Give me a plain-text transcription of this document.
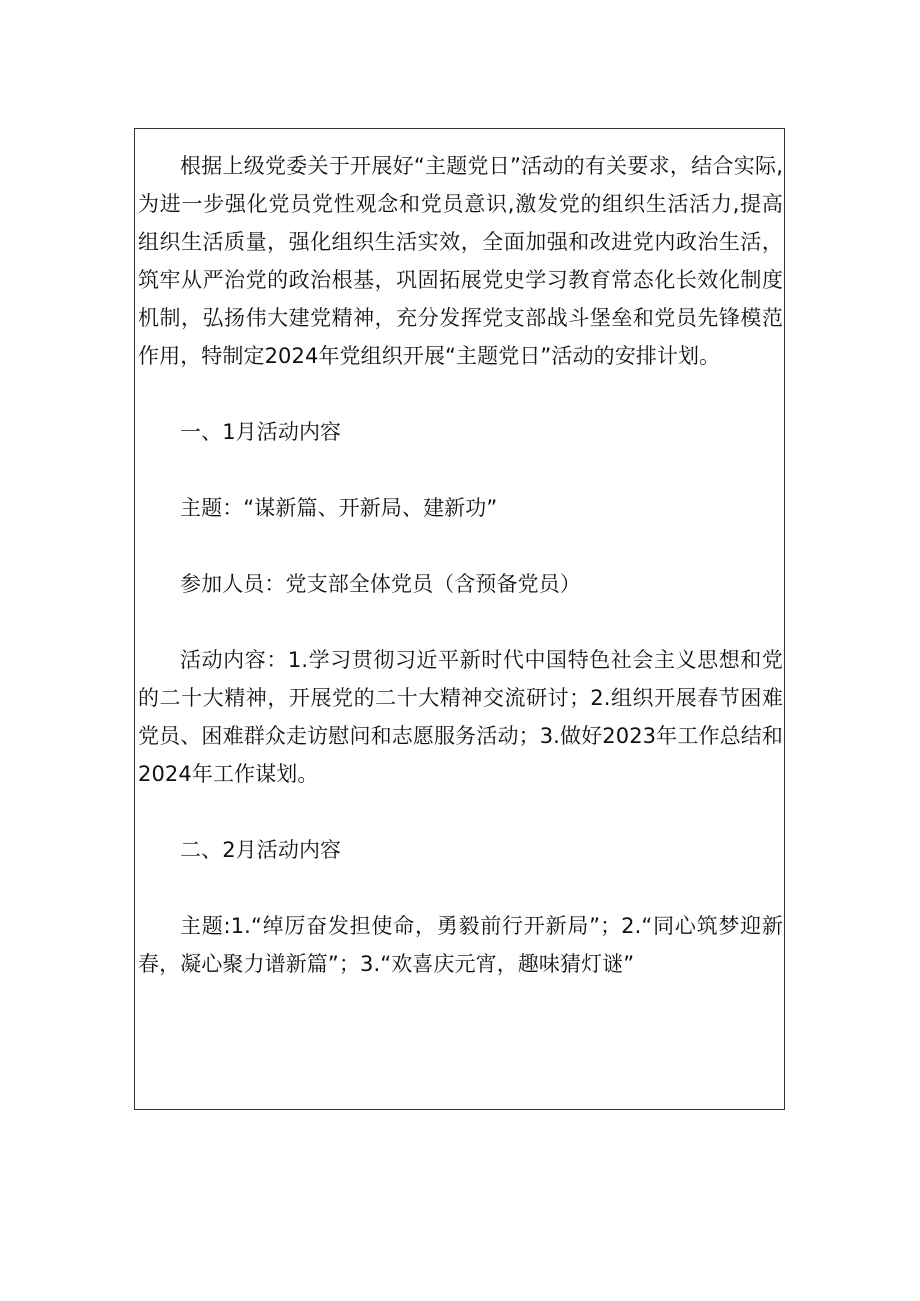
根据上级党委关于开展好“主题党日”活动的有关要求，结合实际,为进一步强化党员党性观念和党员意识,激发党的组织生活活力,提高组织生活质量，强化组织生活实效，全面加强和改进党内政治生活，筑牢从严治党的政治根基，巩固拓展党史学习教育常态化长效化制度机制，弘扬伟大建党精神，充分发挥党支部战斗堡垒和党员先锋模范作用，特制定2024年党组织开展“主题党日”活动的安排计划。

一、1月活动内容

主题：“谋新篇、开新局、建新功”

参加人员：党支部全体党员（含预备党员）

活动内容：1.学习贯彻习近平新时代中国特色社会主义思想和党的二十大精神，开展党的二十大精神交流研讨；2.组织开展春节困难党员、困难群众走访慰问和志愿服务活动；3.做好2023年工作总结和2024年工作谋划。

二、2月活动内容

主题:1.“绰厉奋发担使命，勇毅前行开新局”；2.“同心筑梦迎新春，凝心聚力谱新篇”；3.“欢喜庆元宵，趣味猜灯谜”
